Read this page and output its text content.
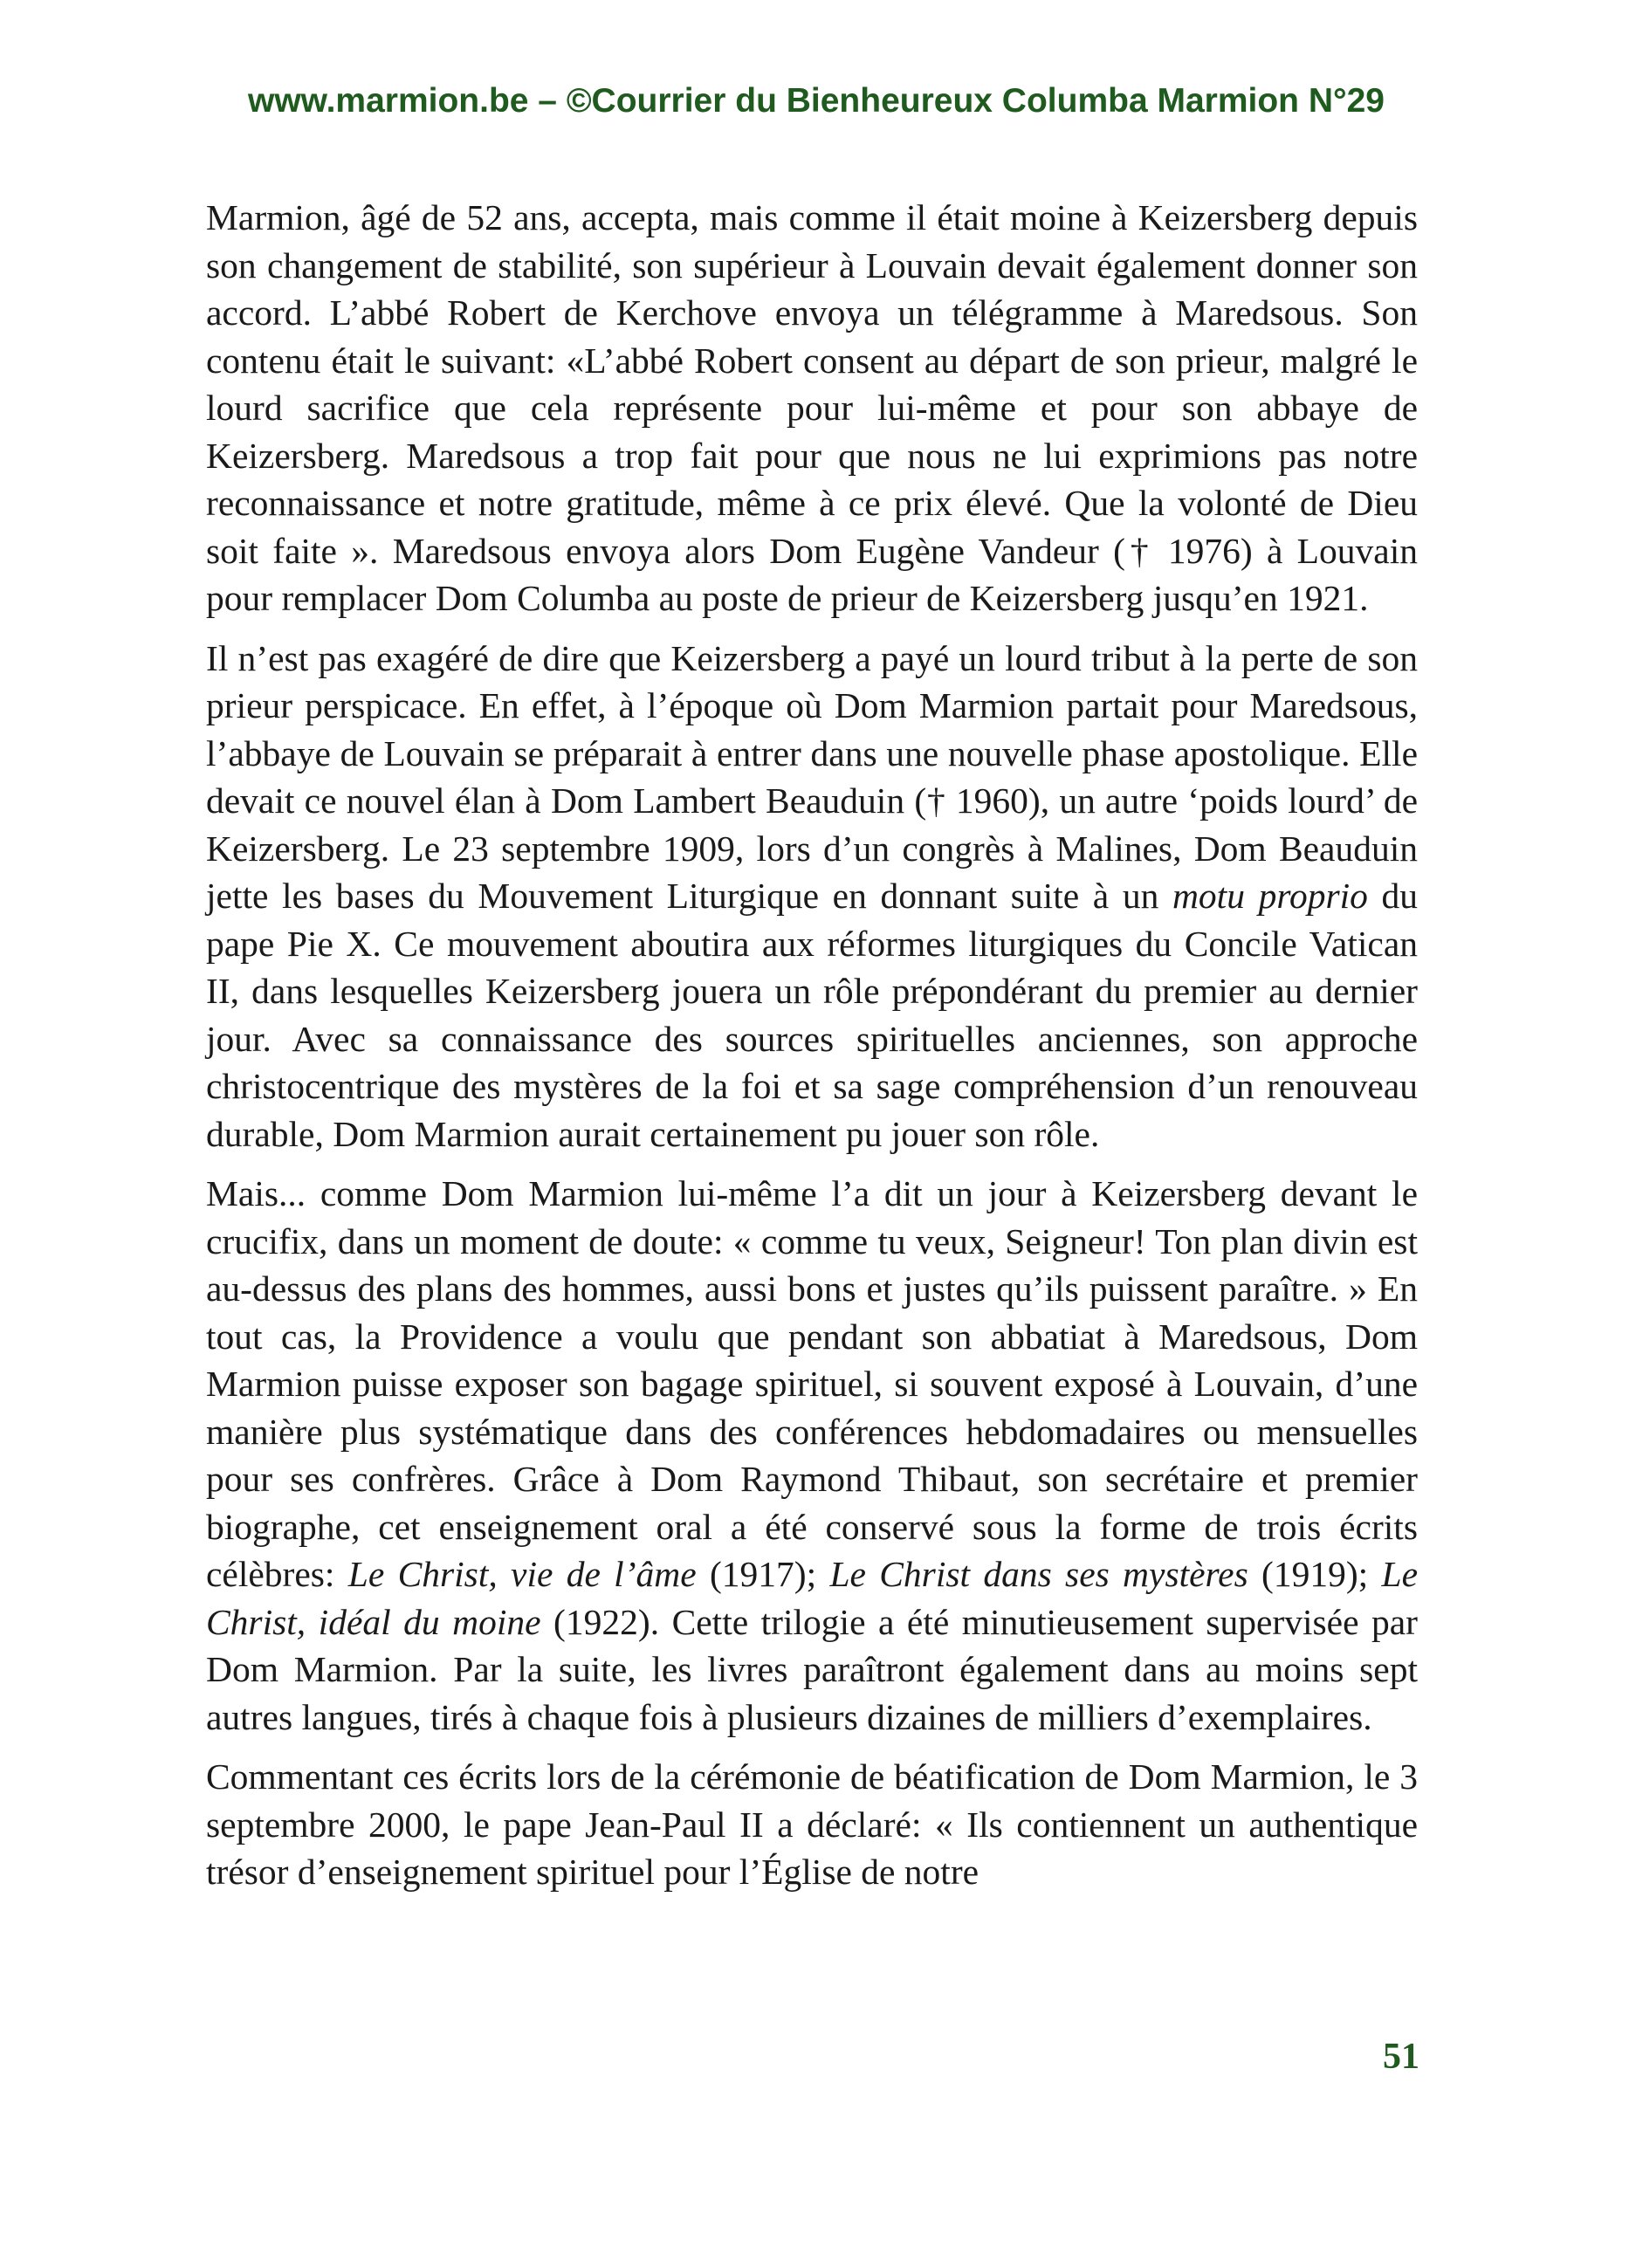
www.marmion.be – ©Courrier du Bienheureux Columba Marmion N°29

Marmion, âgé de 52 ans, accepta, mais comme il était moine à Keizersberg depuis son changement de stabilité, son supérieur à Louvain devait également donner son accord. L’abbé Robert de Kerchove envoya un télégramme à Maredsous. Son contenu était le suivant: «L’abbé Robert consent au départ de son prieur, malgré le lourd sacrifice que cela représente pour lui-même et pour son abbaye de Keizersberg. Maredsous a trop fait pour que nous ne lui exprimions pas notre reconnaissance et notre gratitude, même à ce prix élevé. Que la volonté de Dieu soit faite ». Maredsous envoya alors Dom Eugène Vandeur († 1976) à Louvain pour remplacer Dom Columba au poste de prieur de Keizersberg jusqu’en 1921.

Il n’est pas exagéré de dire que Keizersberg a payé un lourd tribut à la perte de son prieur perspicace. En effet, à l’époque où Dom Marmion partait pour Maredsous, l’abbaye de Louvain se préparait à entrer dans une nouvelle phase apostolique. Elle devait ce nouvel élan à Dom Lambert Beauduin († 1960), un autre ‘poids lourd’ de Keizersberg. Le 23 septembre 1909, lors d’un congrès à Malines, Dom Beauduin jette les bases du Mouvement Liturgique en donnant suite à un motu proprio du pape Pie X. Ce mouvement aboutira aux réformes liturgiques du Concile Vatican II, dans lesquelles Keizersberg jouera un rôle prépondérant du premier au dernier jour. Avec sa connaissance des sources spirituelles anciennes, son approche christocentrique des mystères de la foi et sa sage compréhension d’un renouveau durable, Dom Marmion aurait certainement pu jouer son rôle.

Mais... comme Dom Marmion lui-même l’a dit un jour à Keizersberg devant le crucifix, dans un moment de doute: « comme tu veux, Seigneur! Ton plan divin est au-dessus des plans des hommes, aussi bons et justes qu’ils puissent paraître. » En tout cas, la Providence a voulu que pendant son abbatiat à Maredsous, Dom Marmion puisse exposer son bagage spirituel, si souvent exposé à Louvain, d’une manière plus systématique dans des conférences hebdomadaires ou mensuelles pour ses confrères. Grâce à Dom Raymond Thibaut, son secrétaire et premier biographe, cet enseignement oral a été conservé sous la forme de trois écrits célèbres: Le Christ, vie de l’âme (1917); Le Christ dans ses mystères (1919); Le Christ, idéal du moine (1922). Cette trilogie a été minutieusement supervisée par Dom Marmion. Par la suite, les livres paraîtront également dans au moins sept autres langues, tirés à chaque fois à plusieurs dizaines de milliers d’exemplaires.

Commentant ces écrits lors de la cérémonie de béatification de Dom Marmion, le 3 septembre 2000, le pape Jean-Paul II a déclaré: « Ils contiennent un authentique trésor d’enseignement spirituel pour l’Église de notre

51
